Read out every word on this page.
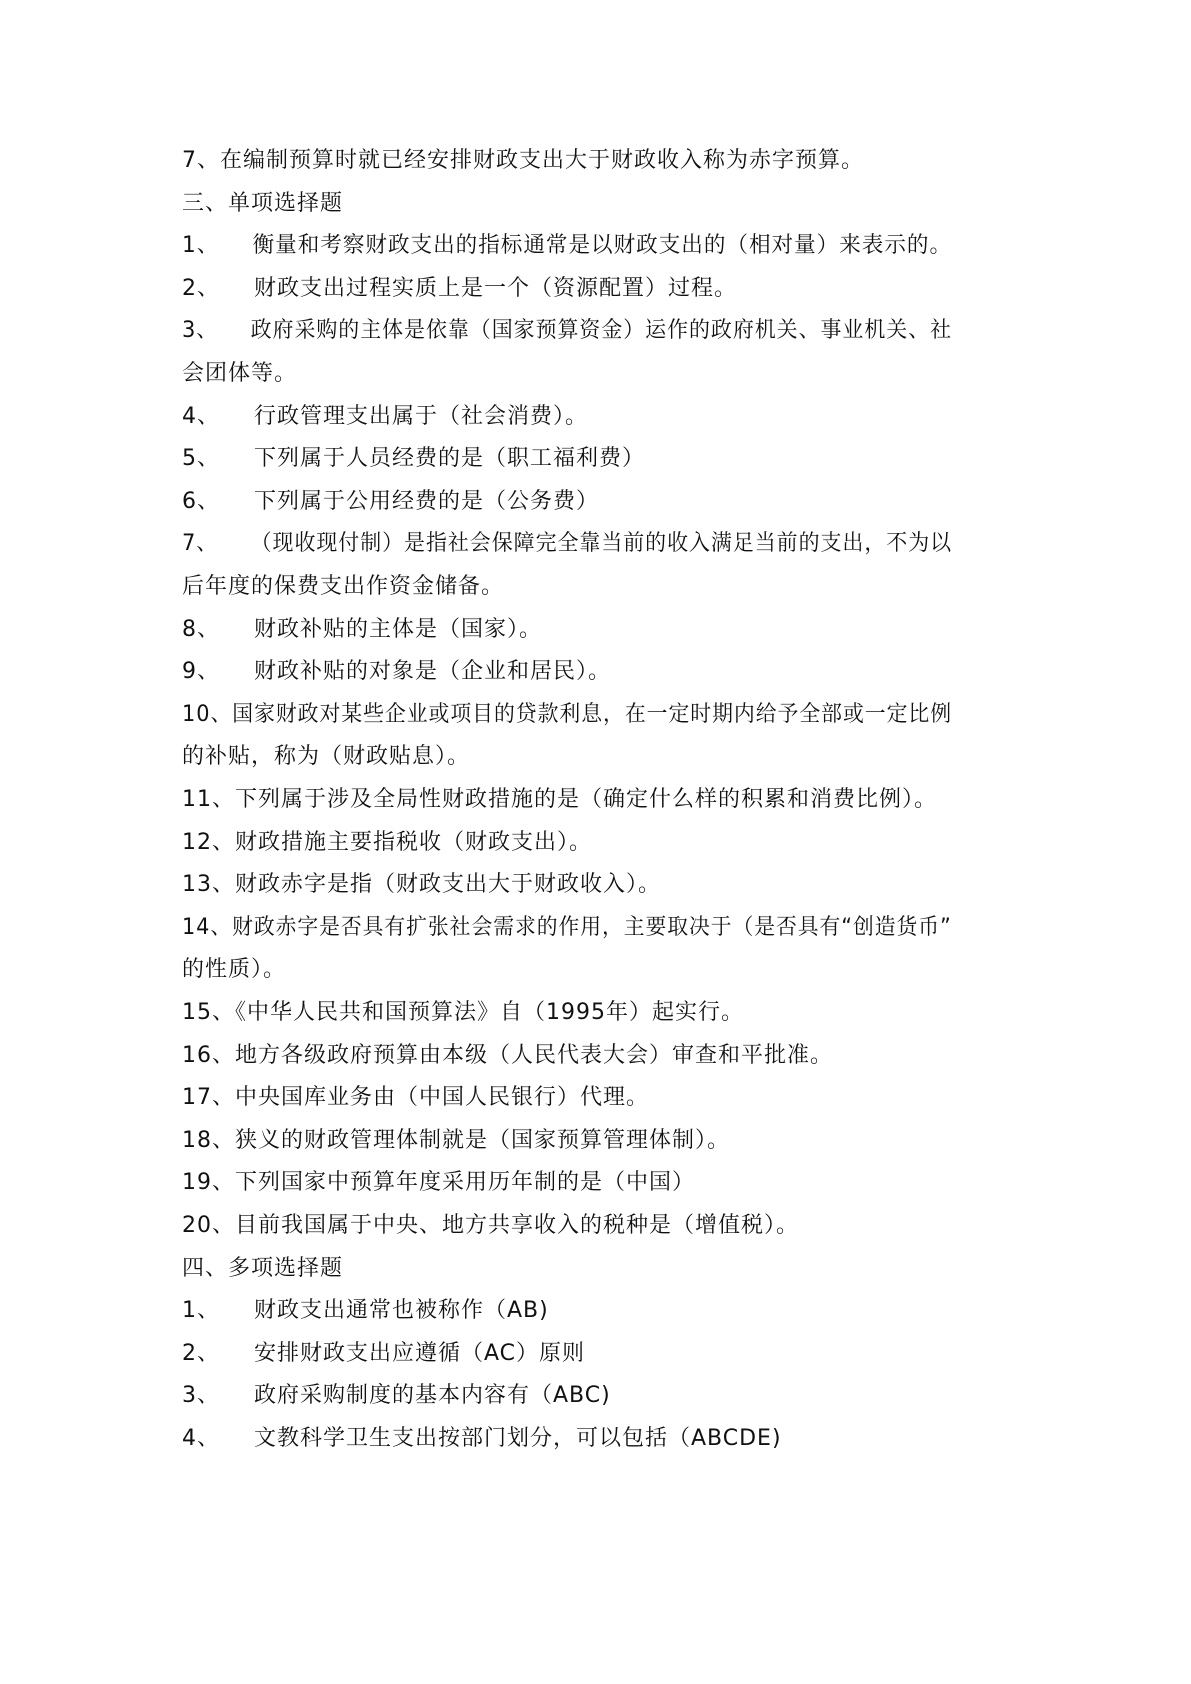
7、在编制预算时就已经安排财政支出大于财政收入称为赤字预算。
三、单项选择题
1、 衡量和考察财政支出的指标通常是以财政支出的（相对量）来表示的。
2、 财政支出过程实质上是一个（资源配置）过程。
3、 政府采购的主体是依靠（国家预算资金）运作的政府机关、事业机关、社
会团体等。
4、 行政管理支出属于（社会消费）。
5、 下列属于人员经费的是（职工福利费）
6、 下列属于公用经费的是（公务费）
7、 （现收现付制）是指社会保障完全靠当前的收入满足当前的支出，不为以
后年度的保费支出作资金储备。
8、 财政补贴的主体是（国家）。
9、 财政补贴的对象是（企业和居民）。
10、国家财政对某些企业或项目的贷款利息，在一定时期内给予全部或一定比例
的补贴，称为（财政贴息）。
11、下列属于涉及全局性财政措施的是（确定什么样的积累和消费比例）。
12、财政措施主要指税收（财政支出）。
13、财政赤字是指（财政支出大于财政收入）。
14、财政赤字是否具有扩张社会需求的作用，主要取决于（是否具有“创造货币”
的性质）。
15、《中华人民共和国预算法》自（1995年）起实行。
16、地方各级政府预算由本级（人民代表大会）审查和平批准。
17、中央国库业务由（中国人民银行）代理。
18、狭义的财政管理体制就是（国家预算管理体制）。
19、下列国家中预算年度采用历年制的是（中国）
20、目前我国属于中央、地方共享收入的税种是（增值税）。
四、多项选择题
1、 财政支出通常也被称作（AB)
2、 安排财政支出应遵循（AC）原则
3、 政府采购制度的基本内容有（ABC)
4、 文教科学卫生支出按部门划分，可以包括（ABCDE)
